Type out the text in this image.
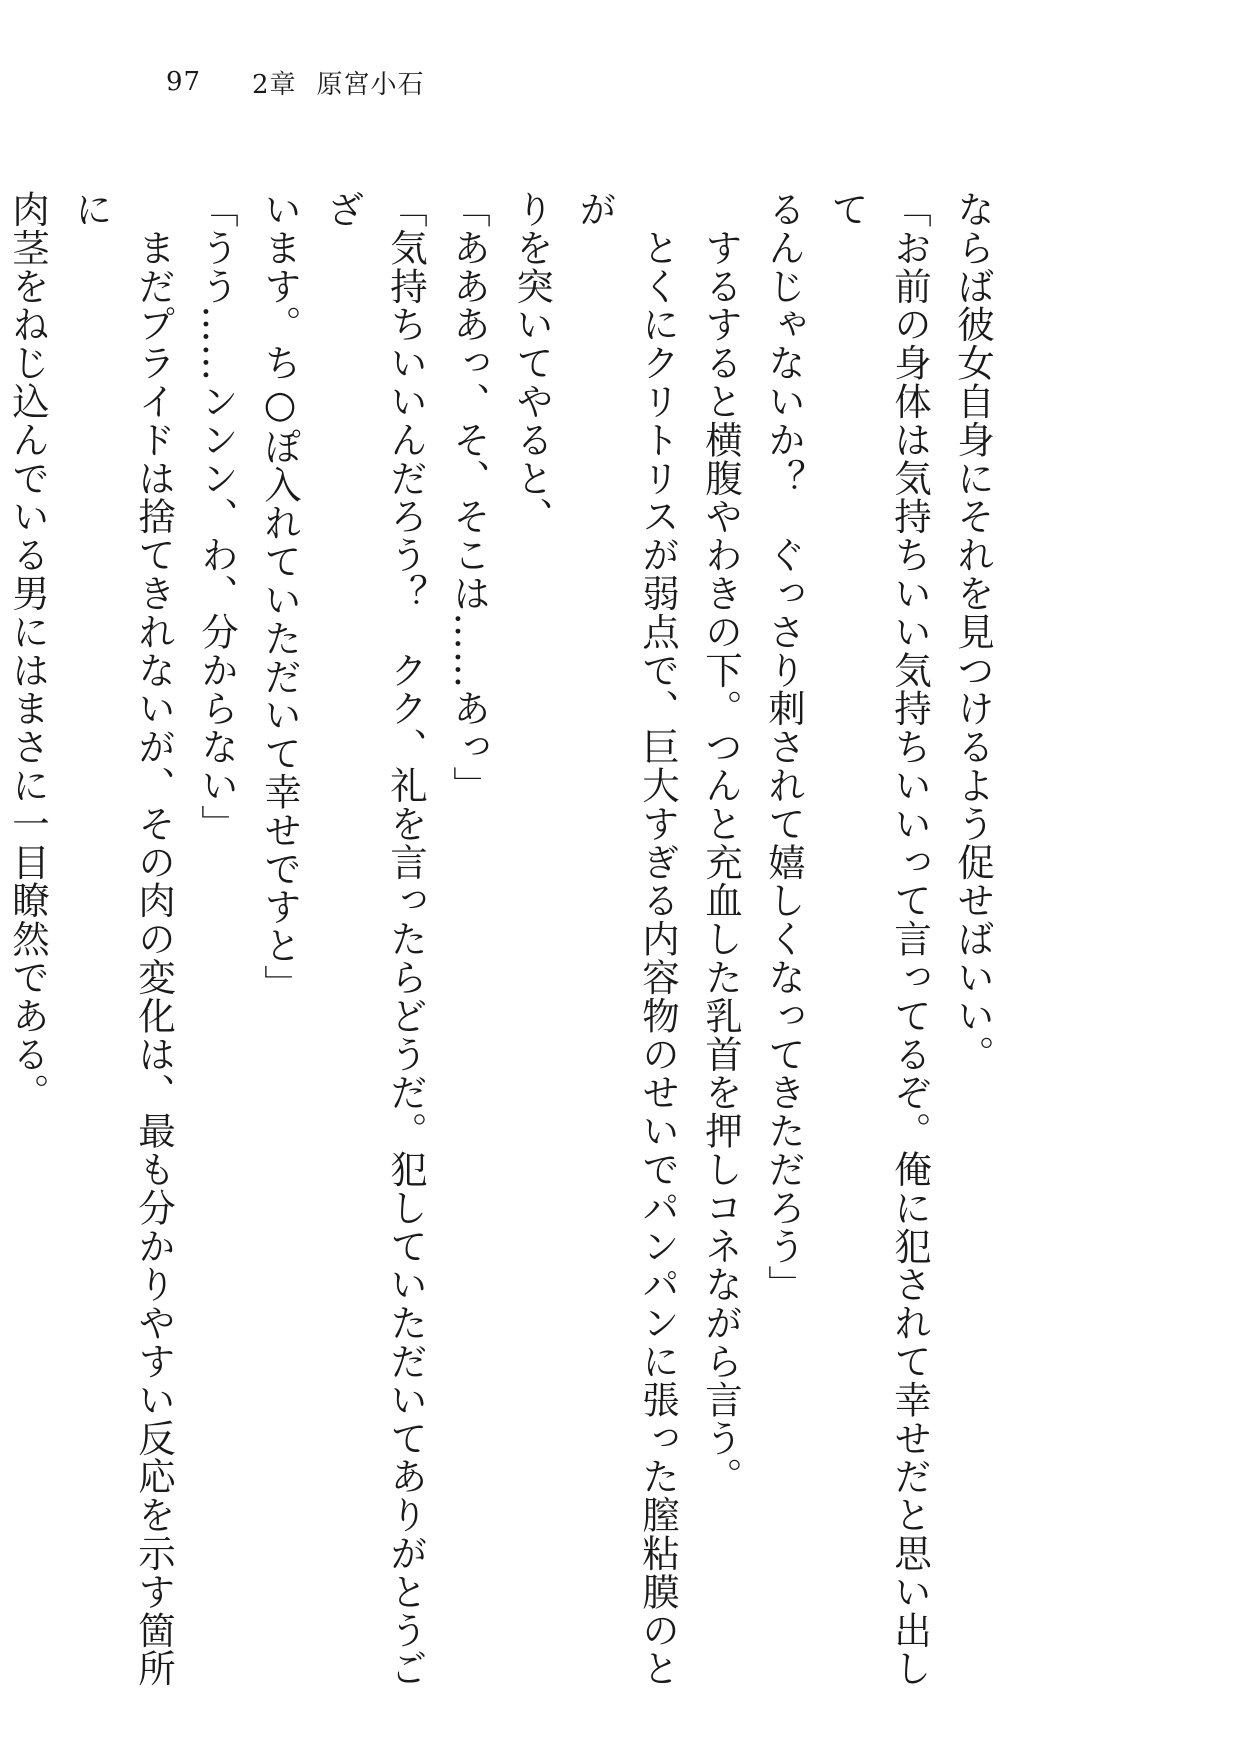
97	2章 原宮小石

ならば彼女自身にそれを見つけるよう促せばいい。

「お前の身体は気持ちいい気持ちいいって言ってるぞ。俺に犯されて幸せだと思い出して

るんじゃないか？　ぐっさり刺されて嬉しくなってきただろう」

　するすると横腹やわきの下。つんと充血した乳首を押しコネながら言う。

　とくにクリトリスが弱点で、巨大すぎる内容物のせいでパンパンに張った膣粘膜のとが

りを突いてやると、

「あああっ、そ、そこは……あっ」

「気持ちいいんだろう？　クク、礼を言ったらどうだ。犯していただいてありがとうござ

います。ち○ぽ入れていただいて幸せですと」

「うう……ンンン、わ、分からない」

　まだプライドは捨てきれないが、その肉の変化は、最も分かりやすい反応を示す箇所に

肉茎をねじ込んでいる男にはまさに一目瞭然である。
